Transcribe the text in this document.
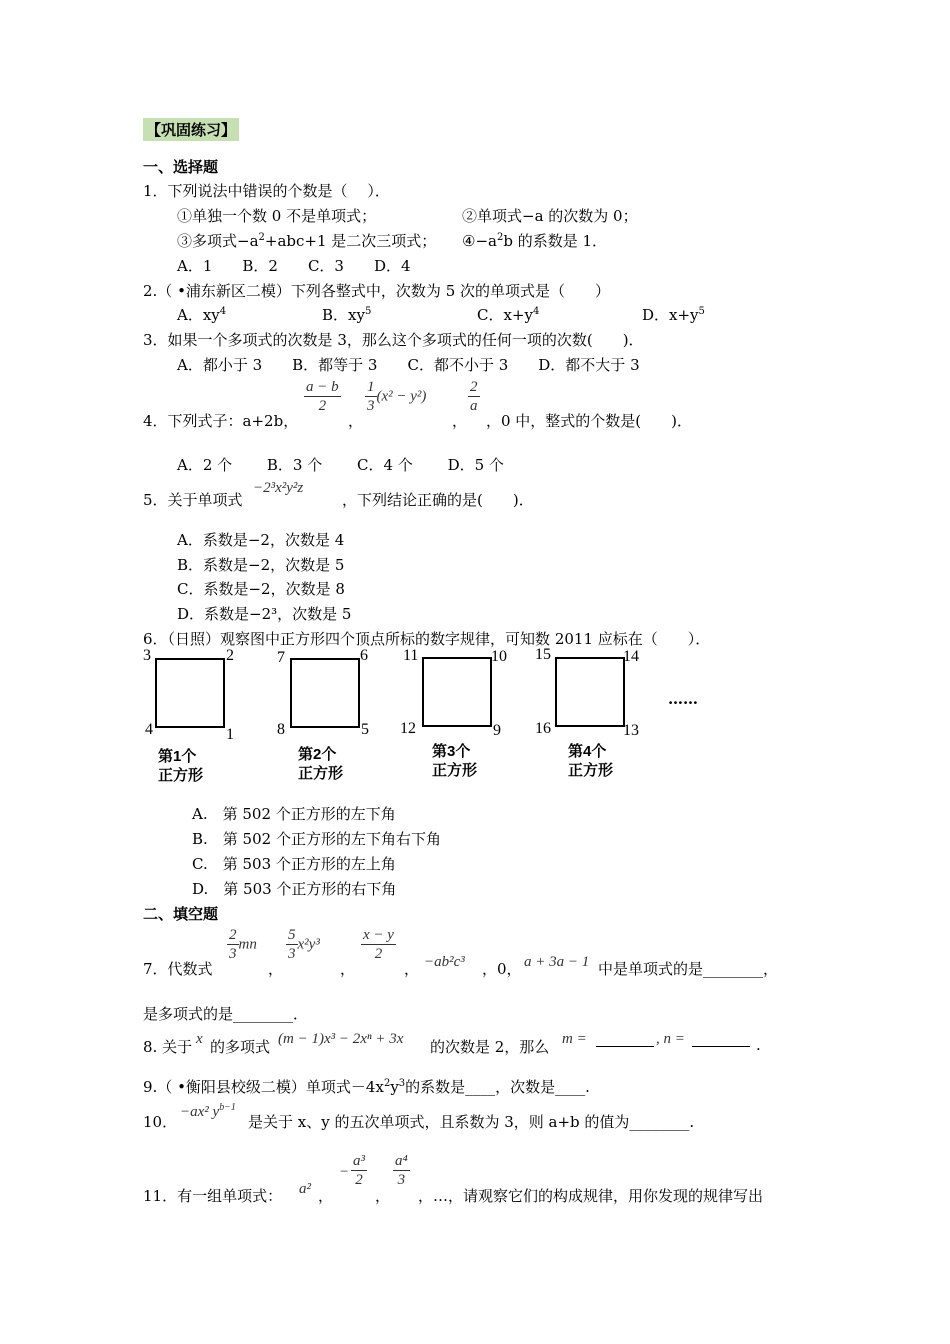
【巩固练习】
一、选择题
1．下列说法中错误的个数是（　 ）．
①单独一个数 0 不是单项式；	②单项式−a 的次数为 0；
③多项式$-a^2+abc+1$ 是二次三项式； $④-a^2b$ 的系数是 1．
A．1　　B．2　　C．3　　D．4
2.（ •浦东新区二模）下列各整式中，次数为 5 次的单项式是（　　）
A．$xy^4$	B．$xy^5$	C．$x+y^4$	D．$x+y^5$
3．如果一个多项式的次数是 3，那么这个多项式的任何一项的次数(　　)．
A．都小于 3　　B．都等于 3　　C．都不小于 3　　D．都不大于 3
4．下列式子：a+2b，
$\frac{a - b}{2}$
，
$\frac{1}{3} (x^2 - y^2)$
，
$\frac{2}{a}$
，0 中，整式的个数是(　　)．
A．2 个　　 B．3 个　　 C．4 个　　 D．5 个
5．关于单项式
−2³x²y²z
，下列结论正确的是(　　)．
A．系数是−2，次数是 4
B．系数是−2，次数是 5
C．系数是−2，次数是 8
D．系数是−2³，次数是 5
6．（日照）观察图中正方形四个顶点所标的数字规律，可知数 2011 应标在（　　）．
3	2
4	1
第1个
正方形
7	6
8	5
第2个
正方形
11	10
12	9
第3个
正方形
15	14
16	13
第4个
正方形
……
A.　第 502 个正方形的左下角
B.　第 502 个正方形的左下角右下角
C.　第 503 个正方形的左上角
D.　第 503 个正方形的右下角
二、填空题
7．代数式
$\frac{2}{3}$ mn
，
$\frac{5}{3} x^2y^3$
，
$\frac{x - y}{2}$
， −ab²c³ ，0， a + 3a − 1 中是单项式的是________，
是多项式的是________．
8. 关于 x 的多项式 (m − 1)x³ − 2xⁿ + 3x 的次数是 2，那么 m =	, n =	.
9.（ •衡阳县校级二模）单项式$-4x^2y^3$的系数是____，次数是____.
10．
−ax² $y^{b-1}$
是关于 x、y 的五次单项式，且系数为 3，则 a+b 的值为________.
11．有一组单项式： a² ，
− $\frac{\text{a³}}{2}$
，
$\frac{\text{a⁴}}{3}$
，…，请观察它们的构成规律，用你发现的规律写出
